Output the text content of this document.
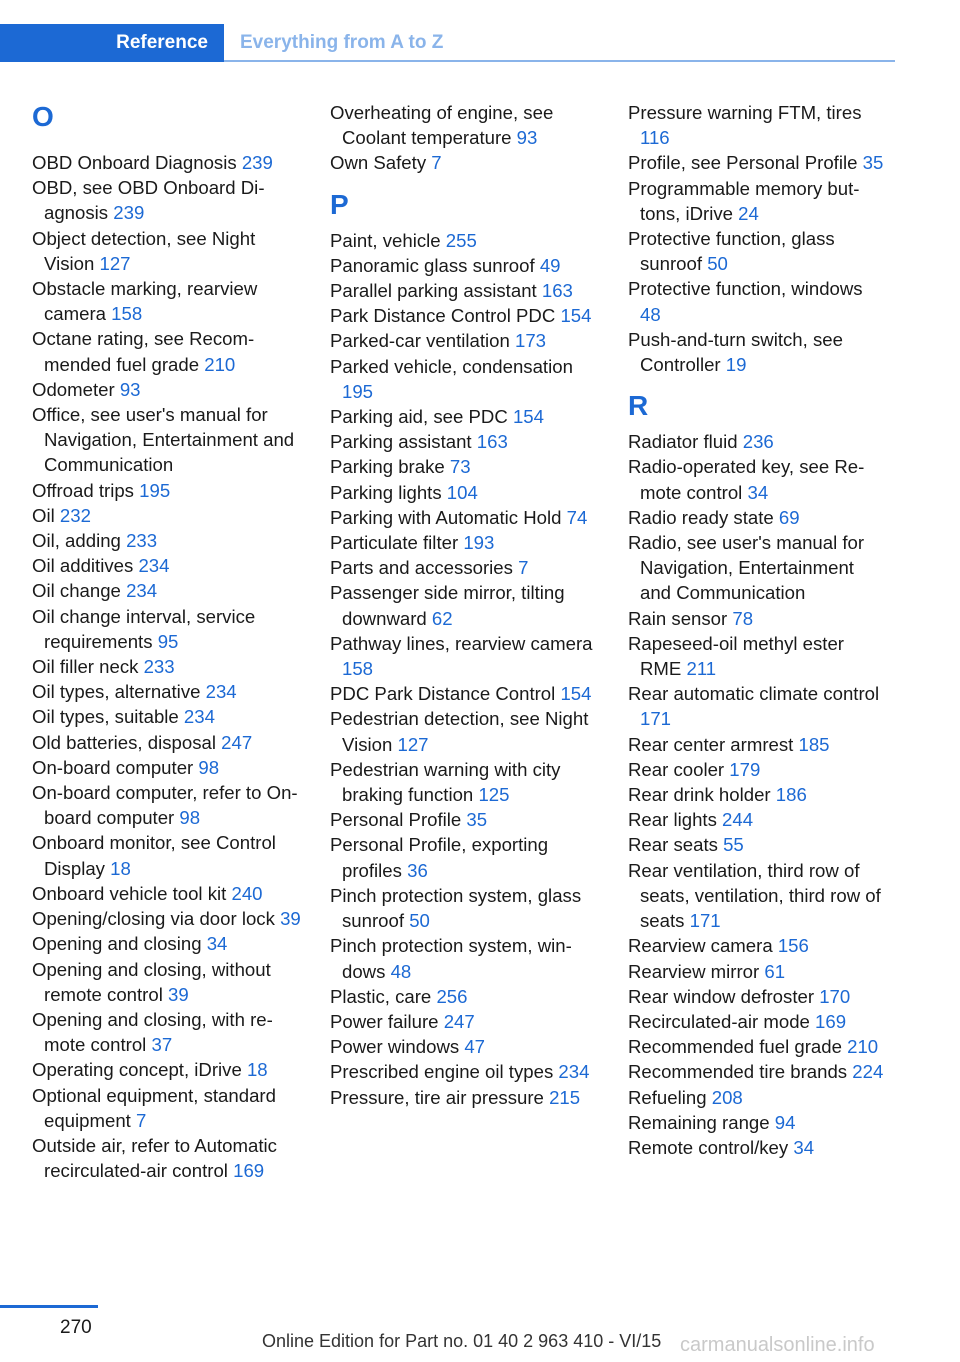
Reference	Everything from A to Z
O
OBD Onboard Diagnosis 239
OBD, see OBD Onboard Diagnosis 239
Object detection, see Night Vision 127
Obstacle marking, rearview camera 158
Octane rating, see Recommended fuel grade 210
Odometer 93
Office, see user's manual for Navigation, Entertainment and Communication
Offroad trips 195
Oil 232
Oil, adding 233
Oil additives 234
Oil change 234
Oil change interval, service requirements 95
Oil filler neck 233
Oil types, alternative 234
Oil types, suitable 234
Old batteries, disposal 247
On-board computer 98
On-board computer, refer to On-board computer 98
Onboard monitor, see Control Display 18
Onboard vehicle tool kit 240
Opening/closing via door lock 39
Opening and closing 34
Opening and closing, without remote control 39
Opening and closing, with remote control 37
Operating concept, iDrive 18
Optional equipment, standard equipment 7
Outside air, refer to Automatic recirculated-air control 169
Overheating of engine, see Coolant temperature 93
Own Safety 7
P
Paint, vehicle 255
Panoramic glass sunroof 49
Parallel parking assistant 163
Park Distance Control PDC 154
Parked-car ventilation 173
Parked vehicle, condensation 195
Parking aid, see PDC 154
Parking assistant 163
Parking brake 73
Parking lights 104
Parking with Automatic Hold 74
Particulate filter 193
Parts and accessories 7
Passenger side mirror, tilting downward 62
Pathway lines, rearview camera 158
PDC Park Distance Control 154
Pedestrian detection, see Night Vision 127
Pedestrian warning with city braking function 125
Personal Profile 35
Personal Profile, exporting profiles 36
Pinch protection system, glass sunroof 50
Pinch protection system, windows 48
Plastic, care 256
Power failure 247
Power windows 47
Prescribed engine oil types 234
Pressure, tire air pressure 215
Pressure warning FTM, tires 116
Profile, see Personal Profile 35
Programmable memory buttons, iDrive 24
Protective function, glass sunroof 50
Protective function, windows 48
Push-and-turn switch, see Controller 19
R
Radiator fluid 236
Radio-operated key, see Remote control 34
Radio ready state 69
Radio, see user's manual for Navigation, Entertainment and Communication
Rain sensor 78
Rapeseed-oil methyl ester RME 211
Rear automatic climate control 171
Rear center armrest 185
Rear cooler 179
Rear drink holder 186
Rear lights 244
Rear seats 55
Rear ventilation, third row of seats, ventilation, third row of seats 171
Rearview camera 156
Rearview mirror 61
Rear window defroster 170
Recirculated-air mode 169
Recommended fuel grade 210
Recommended tire brands 224
Refueling 208
Remaining range 94
Remote control/key 34
270
Online Edition for Part no. 01 40 2 963 410 - VI/15 carmanualsonline.info
